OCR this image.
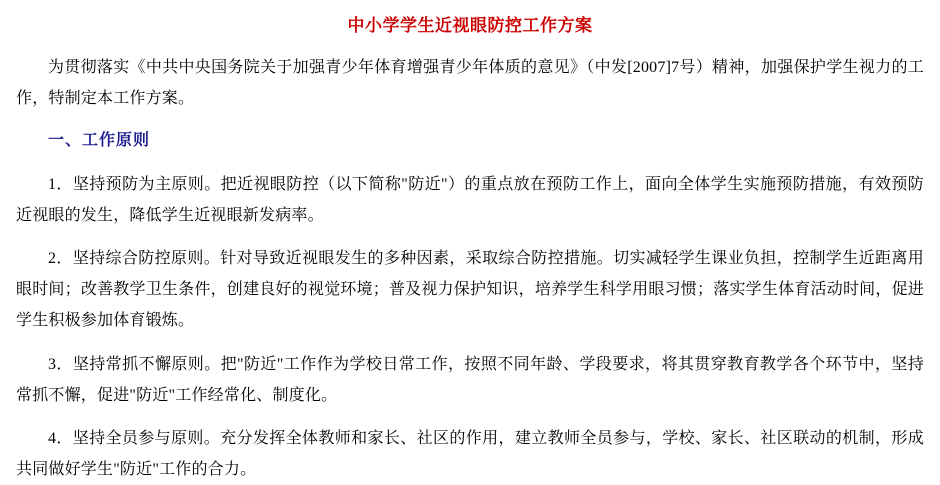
中小学学生近视眼防控工作方案

为贯彻落实《中共中央国务院关于加强青少年体育增强青少年体质的意见》（中发[2007]7号）精神，加强保护学生视力的工作，特制定本工作方案。

一、工作原则

1．坚持预防为主原则。把近视眼防控（以下简称"防近"）的重点放在预防工作上，面向全体学生实施预防措施，有效预防近视眼的发生，降低学生近视眼新发病率。

2．坚持综合防控原则。针对导致近视眼发生的多种因素，采取综合防控措施。切实减轻学生课业负担，控制学生近距离用眼时间；改善教学卫生条件，创建良好的视觉环境；普及视力保护知识，培养学生科学用眼习惯；落实学生体育活动时间，促进学生积极参加体育锻炼。

3．坚持常抓不懈原则。把"防近"工作作为学校日常工作，按照不同年龄、学段要求，将其贯穿教育教学各个环节中，坚持常抓不懈，促进"防近"工作经常化、制度化。

4．坚持全员参与原则。充分发挥全体教师和家长、社区的作用，建立教师全员参与，学校、家长、社区联动的机制，形成共同做好学生"防近"工作的合力。
